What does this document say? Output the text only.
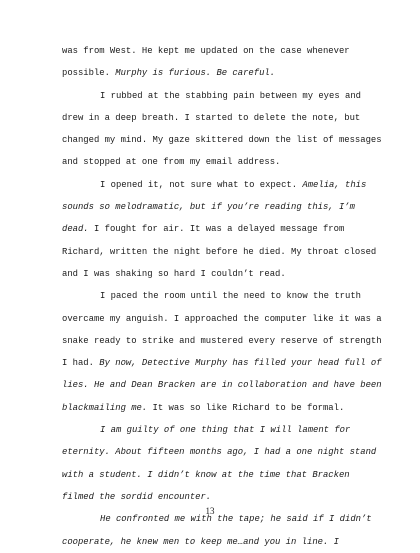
was from West. He kept me updated on the case whenever possible. Murphy is furious. Be careful.

I rubbed at the stabbing pain between my eyes and drew in a deep breath. I started to delete the note, but changed my mind. My gaze skittered down the list of messages and stopped at one from my email address.

I opened it, not sure what to expect. Amelia, this sounds so melodramatic, but if you’re reading this, I’m dead. I fought for air. It was a delayed message from Richard, written the night before he died. My throat closed and I was shaking so hard I couldn’t read.

I paced the room until the need to know the truth overcame my anguish. I approached the computer like it was a snake ready to strike and mustered every reserve of strength I had. By now, Detective Murphy has filled your head full of lies. He and Dean Bracken are in collaboration and have been blackmailing me. It was so like Richard to be formal.

I am guilty of one thing that I will lament for eternity. About fifteen months ago, I had a one night stand with a student. I didn’t know at the time that Bracken filmed the sordid encounter.

He confronted me with the tape; he said if I didn’t cooperate, he knew men to keep me…and you in line. I

13
